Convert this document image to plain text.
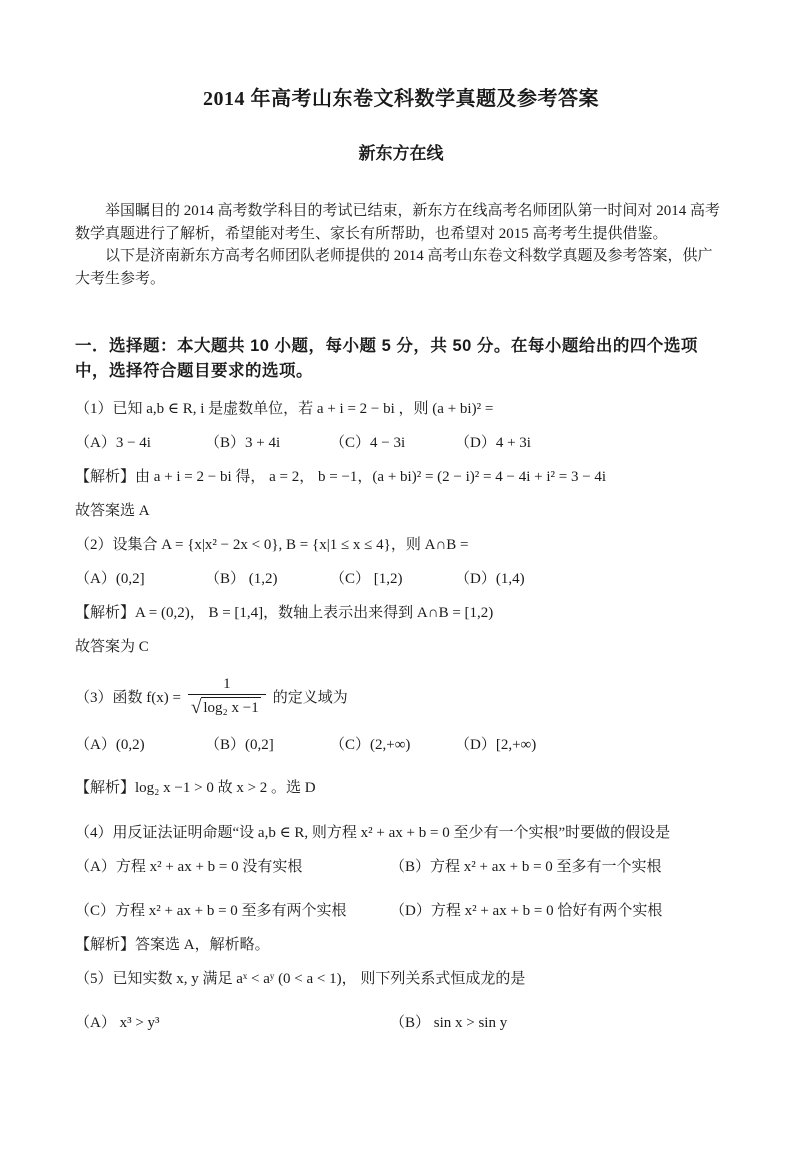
2014 年高考山东卷文科数学真题及参考答案
新东方在线

举国瞩目的 2014 高考数学科目的考试已结束，新东方在线高考名师团队第一时间对 2014 高考数学真题进行了解析，希望能对考生、家长有所帮助，也希望对 2015 高考考生提供借鉴。

以下是济南新东方高考名师团队老师提供的 2014 高考山东卷文科数学真题及参考答案，供广大考生参考。

一．选择题：本大题共 10 小题，每小题 5 分，共 50 分。在每小题给出的四个选项中，选择符合题目要求的选项。

（1）已知 a,b ∈ R, i 是虚数单位，若 a + i = 2 − bi ，则 (a + bi)² =

（A）3 − 4i	（B）3 + 4i	（C）4 − 3i	（D）4 + 3i

【解析】由 a + i = 2 − bi 得， a = 2， b = −1，(a + bi)² = (2 − i)² = 4 − 4i + i² = 3 − 4i

故答案选 A

（2）设集合 A = {x|x² − 2x < 0}, B = {x|1 ≤ x ≤ 4}，则 A∩B =

（A）(0,2]	（B） (1,2)	（C） [1,2)	（D）(1,4)

【解析】A = (0,2)， B = [1,4]，数轴上表示出来得到 A∩B = [1,2)

故答案为 C

（3）函数 $f(x) = \frac{1}{\text{√ log₂ x −1}}$ 的定义域为
（A）(0,2)	（B）(0,2]	（C）(2,+∞)	（D）[2,+∞)

【解析】log₂ x −1 > 0 故 x > 2 。选 D

（4）用反证法证明命题“设 a,b ∈ R, 则方程 x² + ax + b = 0 至少有一个实根”时要做的假设是

（A）方程 x² + ax + b = 0 没有实根	（B）方程 x² + ax + b = 0 至多有一个实根
（C）方程 x² + ax + b = 0 至多有两个实根	（D）方程 x² + ax + b = 0 恰好有两个实根

【解析】答案选 A，解析略。

（5）已知实数 x, y 满足 aˣ < aʸ (0 < a < 1)， 则下列关系式恒成龙的是

（A） x³ > y³	（B） sin x > sin y
